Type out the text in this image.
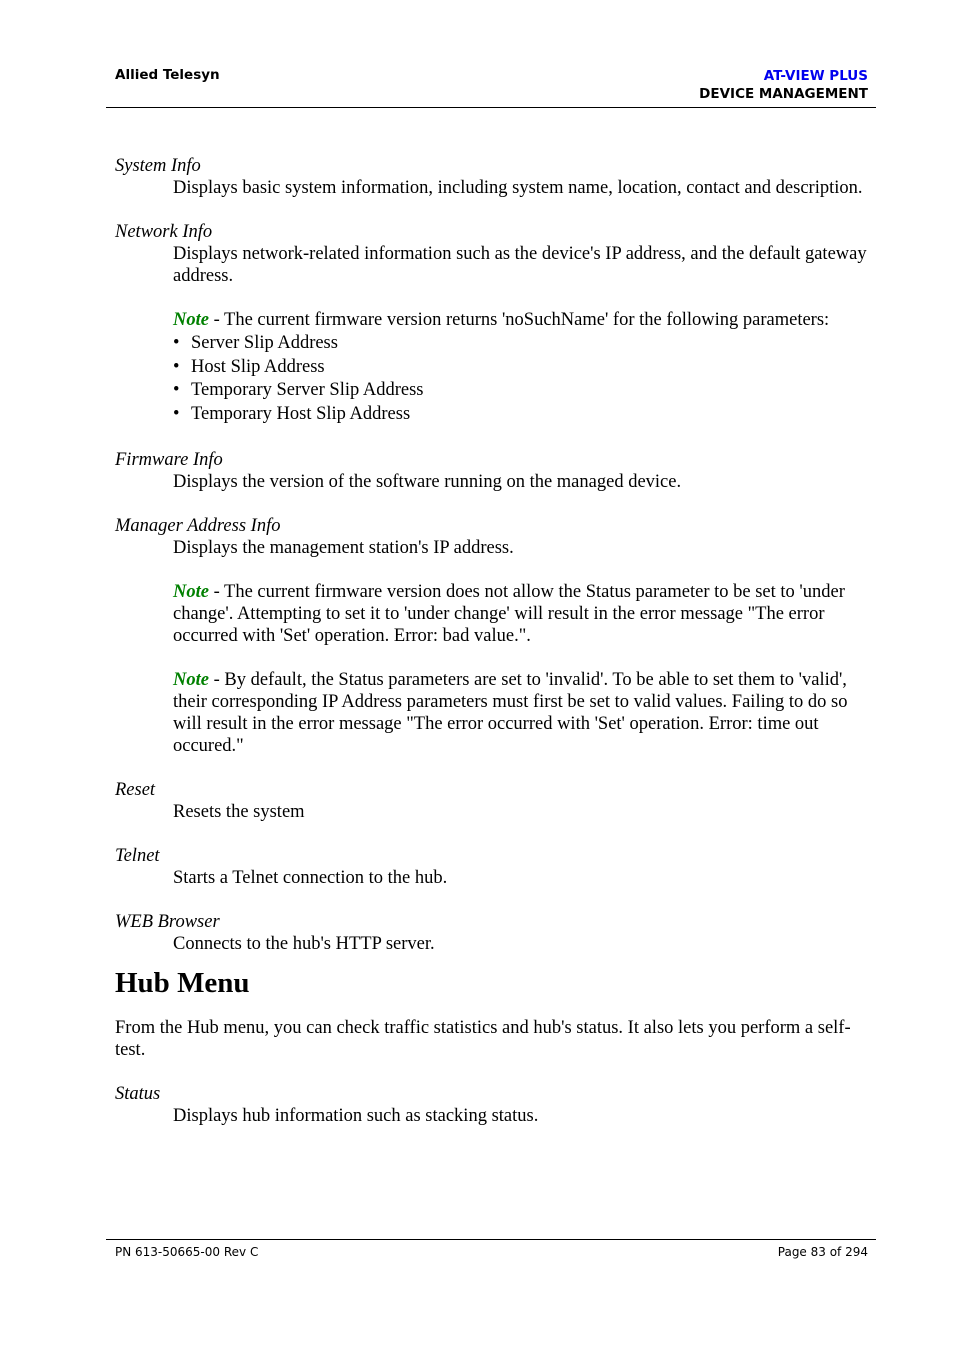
Allied Telesyn	AT-VIEW PLUS
DEVICE MANAGEMENT

System Info

Displays basic system information, including system name, location, contact and description.

Network Info

Displays network-related information such as the device's IP address, and the default gateway address.

Note - The current firmware version returns 'noSuchName' for the following parameters:

• Server Slip Address
• Host Slip Address
• Temporary Server Slip Address
• Temporary Host Slip Address

Firmware Info

Displays the version of the software running on the managed device.

Manager Address Info

Displays the management station's IP address.

Note - The current firmware version does not allow the Status parameter to be set to 'under change'. Attempting to set it to 'under change' will result in the error message "The error occurred with 'Set' operation. Error: bad value.".

Note - By default, the Status parameters are set to 'invalid'. To be able to set them to 'valid', their corresponding IP Address parameters must first be set to valid values. Failing to do so will result in the error message "The error occurred with 'Set' operation. Error: time out occured."

Reset

Resets the system

Telnet

Starts a Telnet connection to the hub.

WEB Browser

Connects to the hub's HTTP server.

Hub Menu

From the Hub menu, you can check traffic statistics and hub's status. It also lets you perform a self-test.

Status

Displays hub information such as stacking status.

PN 613-50665-00 Rev C	Page 83 of 294
